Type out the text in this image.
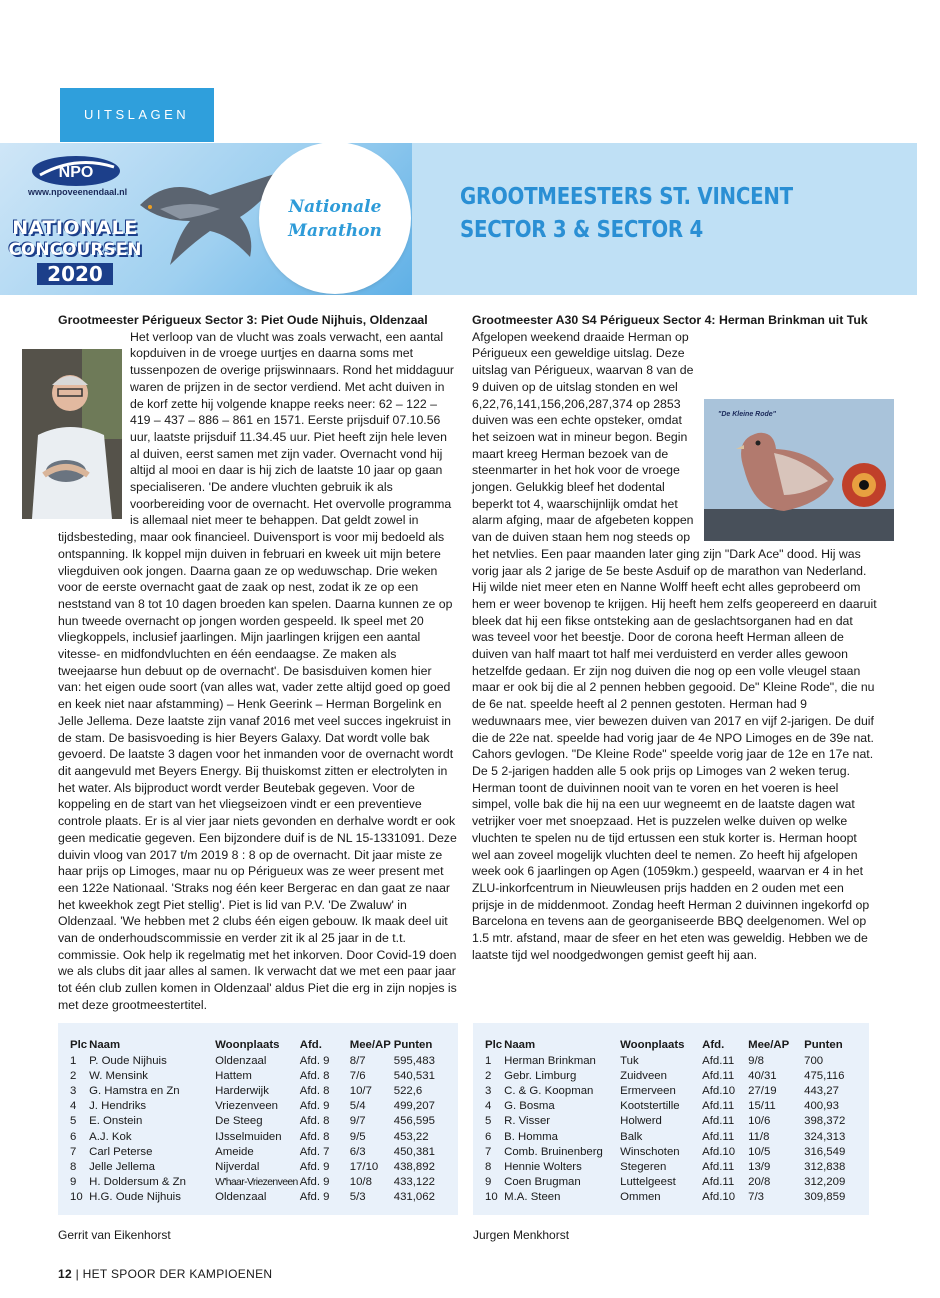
UITSLAGEN
NPO
www.npoveenendaal.nl
NATIONALE
CONCOURSEN
2020
Nationale
Marathon
GROOTMEESTERS ST. VINCENT
SECTOR 3 & SECTOR 4
Grootmeester Périgueux Sector 3: Piet Oude Nijhuis, Oldenzaal
Het verloop van de vlucht was zoals verwacht, een aantal kopduiven in de vroege uurtjes en daarna soms met tussenpozen de overige prijswinnaars. Rond het middaguur waren de prijzen in de sector verdiend. Met acht duiven in de korf zette hij volgende knappe reeks neer: 62 – 122 – 419 – 437 – 886 – 861 en 1571. Eerste prijsduif 07.10.56 uur, laatste prijsduif 11.34.45 uur. Piet heeft zijn hele leven al duiven, eerst samen met zijn vader. Overnacht vond hij altijd al mooi en daar is hij zich de laatste 10 jaar op gaan specialiseren. 'De andere vluchten gebruik ik als voorbereiding voor de overnacht. Het overvolle programma is allemaal niet meer te behappen. Dat geldt zowel in tijdsbesteding, maar ook financieel. Duivensport is voor mij bedoeld als ontspanning. Ik koppel mijn duiven in februari en kweek uit mijn betere vliegduiven ook jongen. Daarna gaan ze op weduwschap. Drie weken voor de eerste overnacht gaat de zaak op nest, zodat ik ze op een neststand van 8 tot 10 dagen broeden kan spelen. Daarna kunnen ze op hun tweede overnacht op jongen worden gespeeld. Ik speel met 20 vliegkoppels, inclusief jaarlingen. Mijn jaarlingen krijgen een aantal vitesse- en midfondvluchten en één eendaagse. Ze maken als tweejaarse hun debuut op de overnacht'. De basisduiven komen hier van: het eigen oude soort (van alles wat, vader zette altijd goed op goed en keek niet naar afstamming) – Henk Geerink – Herman Borgelink en Jelle Jellema. Deze laatste zijn vanaf 2016 met veel succes ingekruist in de stam. De basisvoeding is hier Beyers Galaxy. Dat wordt volle bak gevoerd. De laatste 3 dagen voor het inmanden voor de overnacht wordt dit aangevuld met Beyers Energy. Bij thuiskomst zitten er electrolyten in het water. Als bijproduct wordt verder Beutebak gegeven. Voor de koppeling en de start van het vliegseizoen vindt er een preventieve controle plaats. Er is al vier jaar niets gevonden en derhalve wordt er ook geen medicatie gegeven. Een bijzondere duif is de NL 15-1331091. Deze duivin vloog van 2017 t/m 2019 8 : 8 op de overnacht. Dit jaar miste ze haar prijs op Limoges, maar nu op Périgueux was ze weer present met een 122e Nationaal. 'Straks nog één keer Bergerac en dan gaat ze naar het kweekhok zegt Piet stellig'. Piet is lid van P.V. 'De Zwaluw' in Oldenzaal. 'We hebben met 2 clubs één eigen gebouw. Ik maak deel uit van de onderhoudscommissie en verder zit ik al 25 jaar in de t.t. commissie. Ook help ik regelmatig met het inkorven. Door Covid-19 doen we als clubs dit jaar alles al samen. Ik verwacht dat we met een paar jaar tot één club zullen komen in Oldenzaal' aldus Piet die erg in zijn nopjes is met deze grootmeestertitel.
Grootmeester A30 S4 Périgueux Sector 4: Herman Brinkman uit Tuk
"De Kleine Rode"
Afgelopen weekend draaide Herman op Périgueux een geweldige uitslag. Deze uitslag van Périgueux, waarvan 8 van de 9 duiven op de uitslag stonden en wel 6,22,76,141,156,206,287,374 op 2853 duiven was een echte opsteker, omdat het seizoen wat in mineur begon. Begin maart kreeg Herman bezoek van de steenmarter in het hok voor de vroege jongen. Gelukkig bleef het dodental beperkt tot 4, waarschijnlijk omdat het alarm afging, maar de afgebeten koppen van de duiven staan hem nog steeds op het netvlies. Een paar maanden later ging zijn "Dark Ace" dood. Hij was vorig jaar als 2 jarige de 5e beste Asduif op de marathon van Nederland. Hij wilde niet meer eten en Nanne Wolff heeft echt alles geprobeerd om hem er weer bovenop te krijgen. Hij heeft hem zelfs geopereerd en daaruit bleek dat hij een fikse ontsteking aan de geslachtsorganen had en dat was teveel voor het beestje. Door de corona heeft Herman alleen de duiven van half maart tot half mei verduisterd en verder alles gewoon hetzelfde gedaan. Er zijn nog duiven die nog op een volle vleugel staan maar er ook bij die al 2 pennen hebben gegooid. De" Kleine Rode", die nu de 6e nat. speelde heeft al 2 pennen gestoten. Herman had 9 weduwnaars mee, vier bewezen duiven van 2017 en vijf 2-jarigen. De duif die de 22e nat. speelde had vorig jaar de 4e NPO Limoges en de 39e nat. Cahors gevlogen. "De Kleine Rode" speelde vorig jaar de 12e en 17e nat. De 5 2-jarigen hadden alle 5 ook prijs op Limoges van 2 weken terug. Herman toont de duivinnen nooit van te voren en het voeren is heel simpel, volle bak die hij na een uur wegneemt en de laatste dagen wat vetrijker voer met snoepzaad. Het is puzzelen welke duiven op welke vluchten te spelen nu de tijd ertussen een stuk korter is. Herman hoopt wel aan zoveel mogelijk vluchten deel te nemen. Zo heeft hij afgelopen week ook 6 jaarlingen op Agen (1059km.) gespeeld, waarvan er 4 in het ZLU-inkorfcentrum in Nieuwleusen prijs hadden en 2 ouden met een prijsje in de middenmoot. Zondag heeft Herman 2 duivinnen ingekorfd op Barcelona en tevens aan de georganiseerde BBQ deelgenomen. Wel op 1.5 mtr. afstand, maar de sfeer en het eten was geweldig. Hebben we de laatste tijd wel noodgedwongen gemist geeft hij aan.
Plc	Naam	Woonplaats	Afd.	Mee/AP	Punten
1	P. Oude Nijhuis	Oldenzaal	Afd. 9	8/7	595,483
2	W. Mensink	Hattem	Afd. 8	7/6	540,531
3	G. Hamstra en Zn	Harderwijk	Afd. 8	10/7	522,6
4	J. Hendriks	Vriezenveen	Afd. 9	5/4	499,207
5	E. Onstein	De Steeg	Afd. 8	9/7	456,595
6	A.J. Kok	IJsselmuiden	Afd. 8	9/5	453,22
7	Carl Peterse	Ameide	Afd. 7	6/3	450,381
8	Jelle Jellema	Nijverdal	Afd. 9	17/10	438,892
9	H. Doldersum & Zn	W'haar-Vriezenveen	Afd. 9	10/8	433,122
10	H.G. Oude Nijhuis	Oldenzaal	Afd. 9	5/3	431,062
Plc	Naam	Woonplaats	Afd.	Mee/AP	Punten
1	Herman Brinkman	Tuk	Afd.11	9/8	700
2	Gebr. Limburg	Zuidveen	Afd.11	40/31	475,116
3	C. & G. Koopman	Ermerveen	Afd.10	27/19	443,27
4	G. Bosma	Kootstertille	Afd.11	15/11	400,93
5	R. Visser	Holwerd	Afd.11	10/6	398,372
6	B. Homma	Balk	Afd.11	11/8	324,313
7	Comb. Bruinenberg	Winschoten	Afd.10	10/5	316,549
8	Hennie Wolters	Stegeren	Afd.11	13/9	312,838
9	Coen Brugman	Luttelgeest	Afd.11	20/8	312,209
10	M.A. Steen	Ommen	Afd.10	7/3	309,859
Gerrit van Eikenhorst	Jurgen Menkhorst
12 | HET SPOOR DER KAMPIOENEN
